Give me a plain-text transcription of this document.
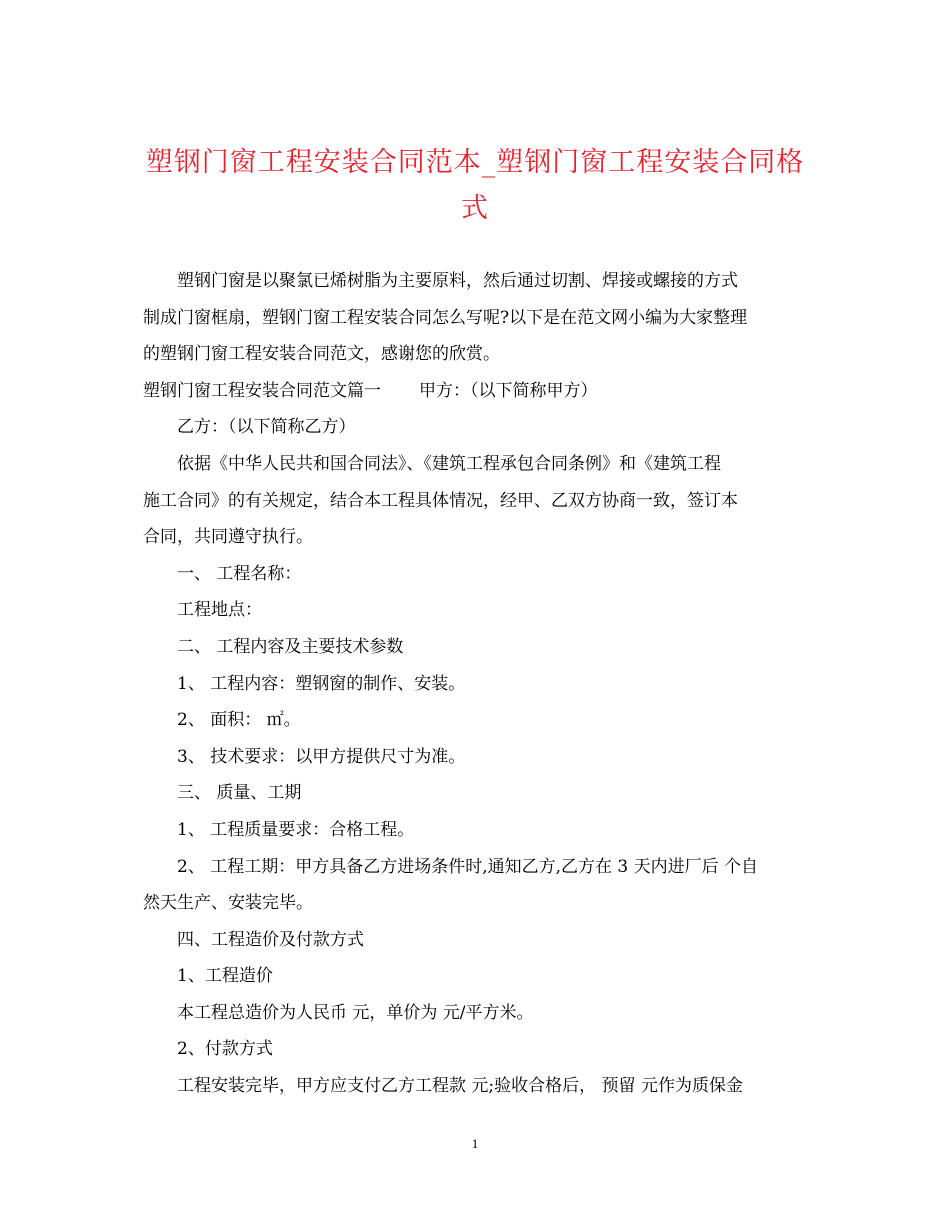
塑钢门窗工程安装合同范本_塑钢门窗工程安装合同格
式

塑钢门窗是以聚氯已烯树脂为主要原料，然后通过切割、焊接或螺接的方式

制成门窗框扇，塑钢门窗工程安装合同怎么写呢?以下是在范文网小编为大家整理

的塑钢门窗工程安装合同范文，感谢您的欣赏。

塑钢门窗工程安装合同范文篇一 甲方：（以下简称甲方）

乙方：（以下简称乙方）

依据《中华人民共和国合同法》、《建筑工程承包合同条例》和《建筑工程

施工合同》的有关规定，结合本工程具体情况，经甲、乙双方协商一致，签订本

合同，共同遵守执行。

一、 工程名称：

工程地点：

二、 工程内容及主要技术参数

1、 工程内容：塑钢窗的制作、安装。

2、 面积： ㎡。

3、 技术要求：以甲方提供尺寸为准。

三、 质量、工期

1、 工程质量要求：合格工程。

2、 工程工期：甲方具备乙方进场条件时,通知乙方,乙方在 3 天内进厂后 个自

然天生产、安装完毕。

四、工程造价及付款方式

1、工程造价

本工程总造价为人民币 元，单价为 元/平方米。

2、付款方式

工程安装完毕，甲方应支付乙方工程款 元;验收合格后， 预留 元作为质保金

1
